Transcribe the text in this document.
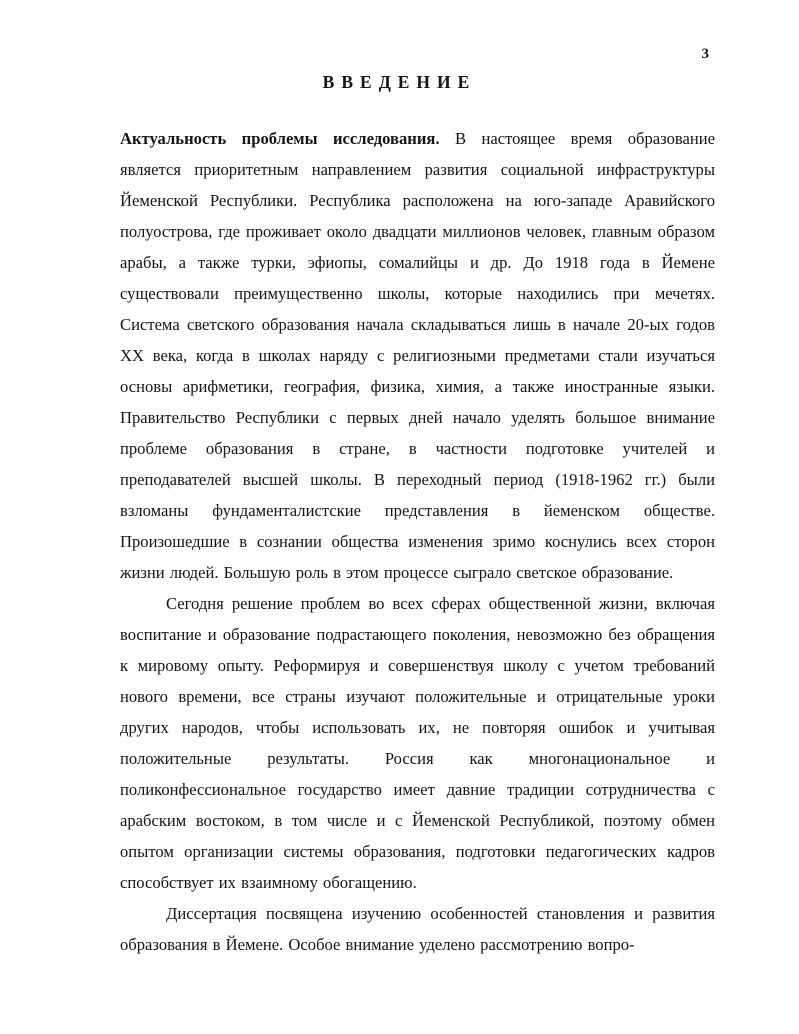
3
ВВЕДЕНИЕ

Актуальность проблемы исследования. В настоящее время образование является приоритетным направлением развития социальной инфраструктуры Йеменской Республики. Республика расположена на юго-западе Аравийского полуострова, где проживает около двадцати миллионов человек, главным образом арабы, а также турки, эфиопы, сомалийцы и др. До 1918 года в Йемене существовали преимущественно школы, которые находились при мечетях. Система светского образования начала складываться лишь в начале 20-ых годов XX века, когда в школах наряду с религиозными предметами стали изучаться основы арифметики, география, физика, химия, а также иностранные языки. Правительство Республики с первых дней начало уделять большое внимание проблеме образования в стране, в частности подготовке учителей и преподавателей высшей школы. В переходный период (1918-1962 гг.) были взломаны фундаменталистские представления в йеменском обществе. Произошедшие в сознании общества изменения зримо коснулись всех сторон жизни людей. Большую роль в этом процессе сыграло светское образование.

Сегодня решение проблем во всех сферах общественной жизни, включая воспитание и образование подрастающего поколения, невозможно без обращения к мировому опыту. Реформируя и совершенствуя школу с учетом требований нового времени, все страны изучают положительные и отрицательные уроки других народов, чтобы использовать их, не повторяя ошибок и учитывая положительные результаты. Россия как многонациональное и поликонфессиональное государство имеет давние традиции сотрудничества с арабским востоком, в том числе и с Йеменской Республикой, поэтому обмен опытом организации системы образования, подготовки педагогических кадров способствует их взаимному обогащению.

Диссертация посвящена изучению особенностей становления и развития образования в Йемене. Особое внимание уделено рассмотрению вопро-
